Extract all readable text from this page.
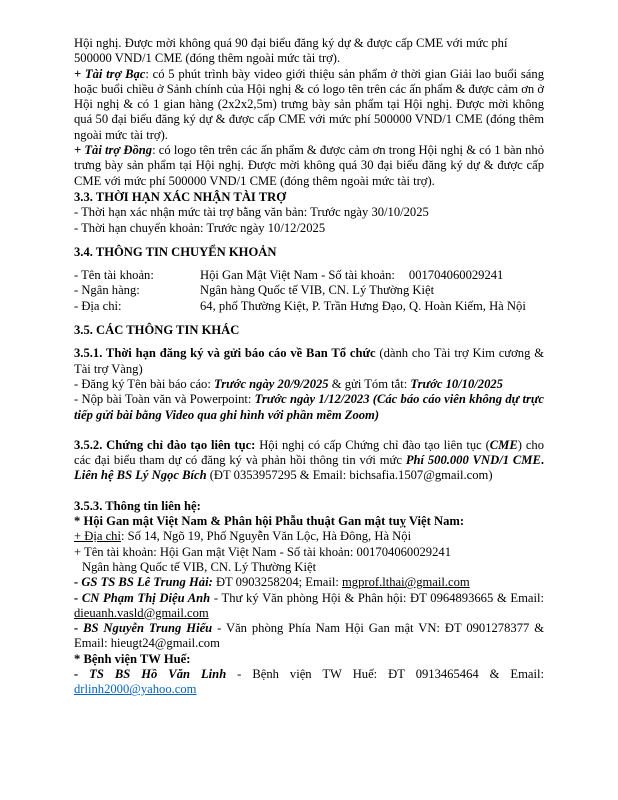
Hội nghị. Được mời không quá 90 đại biểu đăng ký dự & được cấp CME với mức phí
500000 VND/1 CME (đóng thêm ngoài mức tài trợ).

+ Tài trợ Bạc: có 5 phút trình bày video giới thiệu sản phẩm ở thời gian Giải lao buổi sáng hoặc buổi chiều ở Sảnh chính của Hội nghị & có logo tên trên các ấn phẩm & được cảm ơn ở Hội nghị & có 1 gian hàng (2x2x2,5m) trưng bày sản phẩm tại Hội nghị. Được mời không quá 50 đại biểu đăng ký dự & được cấp CME với mức phí 500000 VND/1 CME (đóng thêm ngoài mức tài trợ).

+ Tài trợ Đồng: có logo tên trên các ấn phẩm & được cảm ơn trong Hội nghị & có 1 bàn nhỏ trưng bày sản phẩm tại Hội nghị. Được mời không quá 30 đại biểu đăng ký dự & được cấp CME với mức phí 500000 VND/1 CME (đóng thêm ngoài mức tài trợ).

3.3. THỜI HẠN XÁC NHẬN TÀI TRỢ

- Thời hạn xác nhận mức tài trợ bằng văn bản: Trước ngày 30/10/2025

- Thời hạn chuyển khoản: Trước ngày 10/12/2025

3.4. THÔNG TIN CHUYỂN KHOẢN

- Tên tài khoản:	Hội Gan Mật Việt Nam - Số tài khoản: 001704060029241
- Ngân hàng:	Ngân hàng Quốc tế VIB, CN. Lý Thường Kiệt
- Địa chỉ:	64, phố Thường Kiệt, P. Trần Hưng Đạo, Q. Hoàn Kiếm, Hà Nội

3.5. CÁC THÔNG TIN KHÁC

3.5.1. Thời hạn đăng ký và gửi báo cáo về Ban Tổ chức (dành cho Tài trợ Kim cương & Tài trợ Vàng)

- Đăng ký Tên bài báo cáo: Trước ngày 20/9/2025 & gửi Tóm tắt: Trước 10/10/2025

- Nộp bài Toàn văn và Powerpoint: Trước ngày 1/12/2023 (Các báo cáo viên không dự trực tiếp gửi bài bằng Video qua ghi hình với phần mềm Zoom)

3.5.2. Chứng chỉ đào tạo liên tục: Hội nghị có cấp Chứng chỉ đào tạo liên tục (CME) cho các đại biểu tham dự có đăng ký và phản hồi thông tin với mức Phí 500.000 VND/1 CME. Liên hệ BS Lý Ngọc Bích (ĐT 0353957295 & Email: bichsafia.1507@gmail.com)

3.5.3. Thông tin liên hệ:

* Hội Gan mật Việt Nam & Phân hội Phẫu thuật Gan mật tuỵ Việt Nam:

+ Địa chỉ: Số 14, Ngõ 19, Phố Nguyễn Văn Lộc, Hà Đông, Hà Nội

+ Tên tài khoản: Hội Gan mật Việt Nam - Số tài khoản: 001704060029241

Ngân hàng Quốc tế VIB, CN. Lý Thường Kiệt

- GS TS BS Lê Trung Hải: ĐT 0903258204; Email: mgprof.lthai@gmail.com

- CN Phạm Thị Diệu Anh - Thư ký Văn phòng Hội & Phân hội: ĐT 0964893665 & Email: dieuanh.vasld@gmail.com

- BS Nguyễn Trung Hiếu - Văn phòng Phía Nam Hội Gan mật VN: ĐT 0901278377 & Email: hieugt24@gmail.com

* Bệnh viện TW Huế:

- TS BS Hồ Văn Linh - Bệnh viện TW Huế: ĐT 0913465464 & Email: drlinh2000@yahoo.com
